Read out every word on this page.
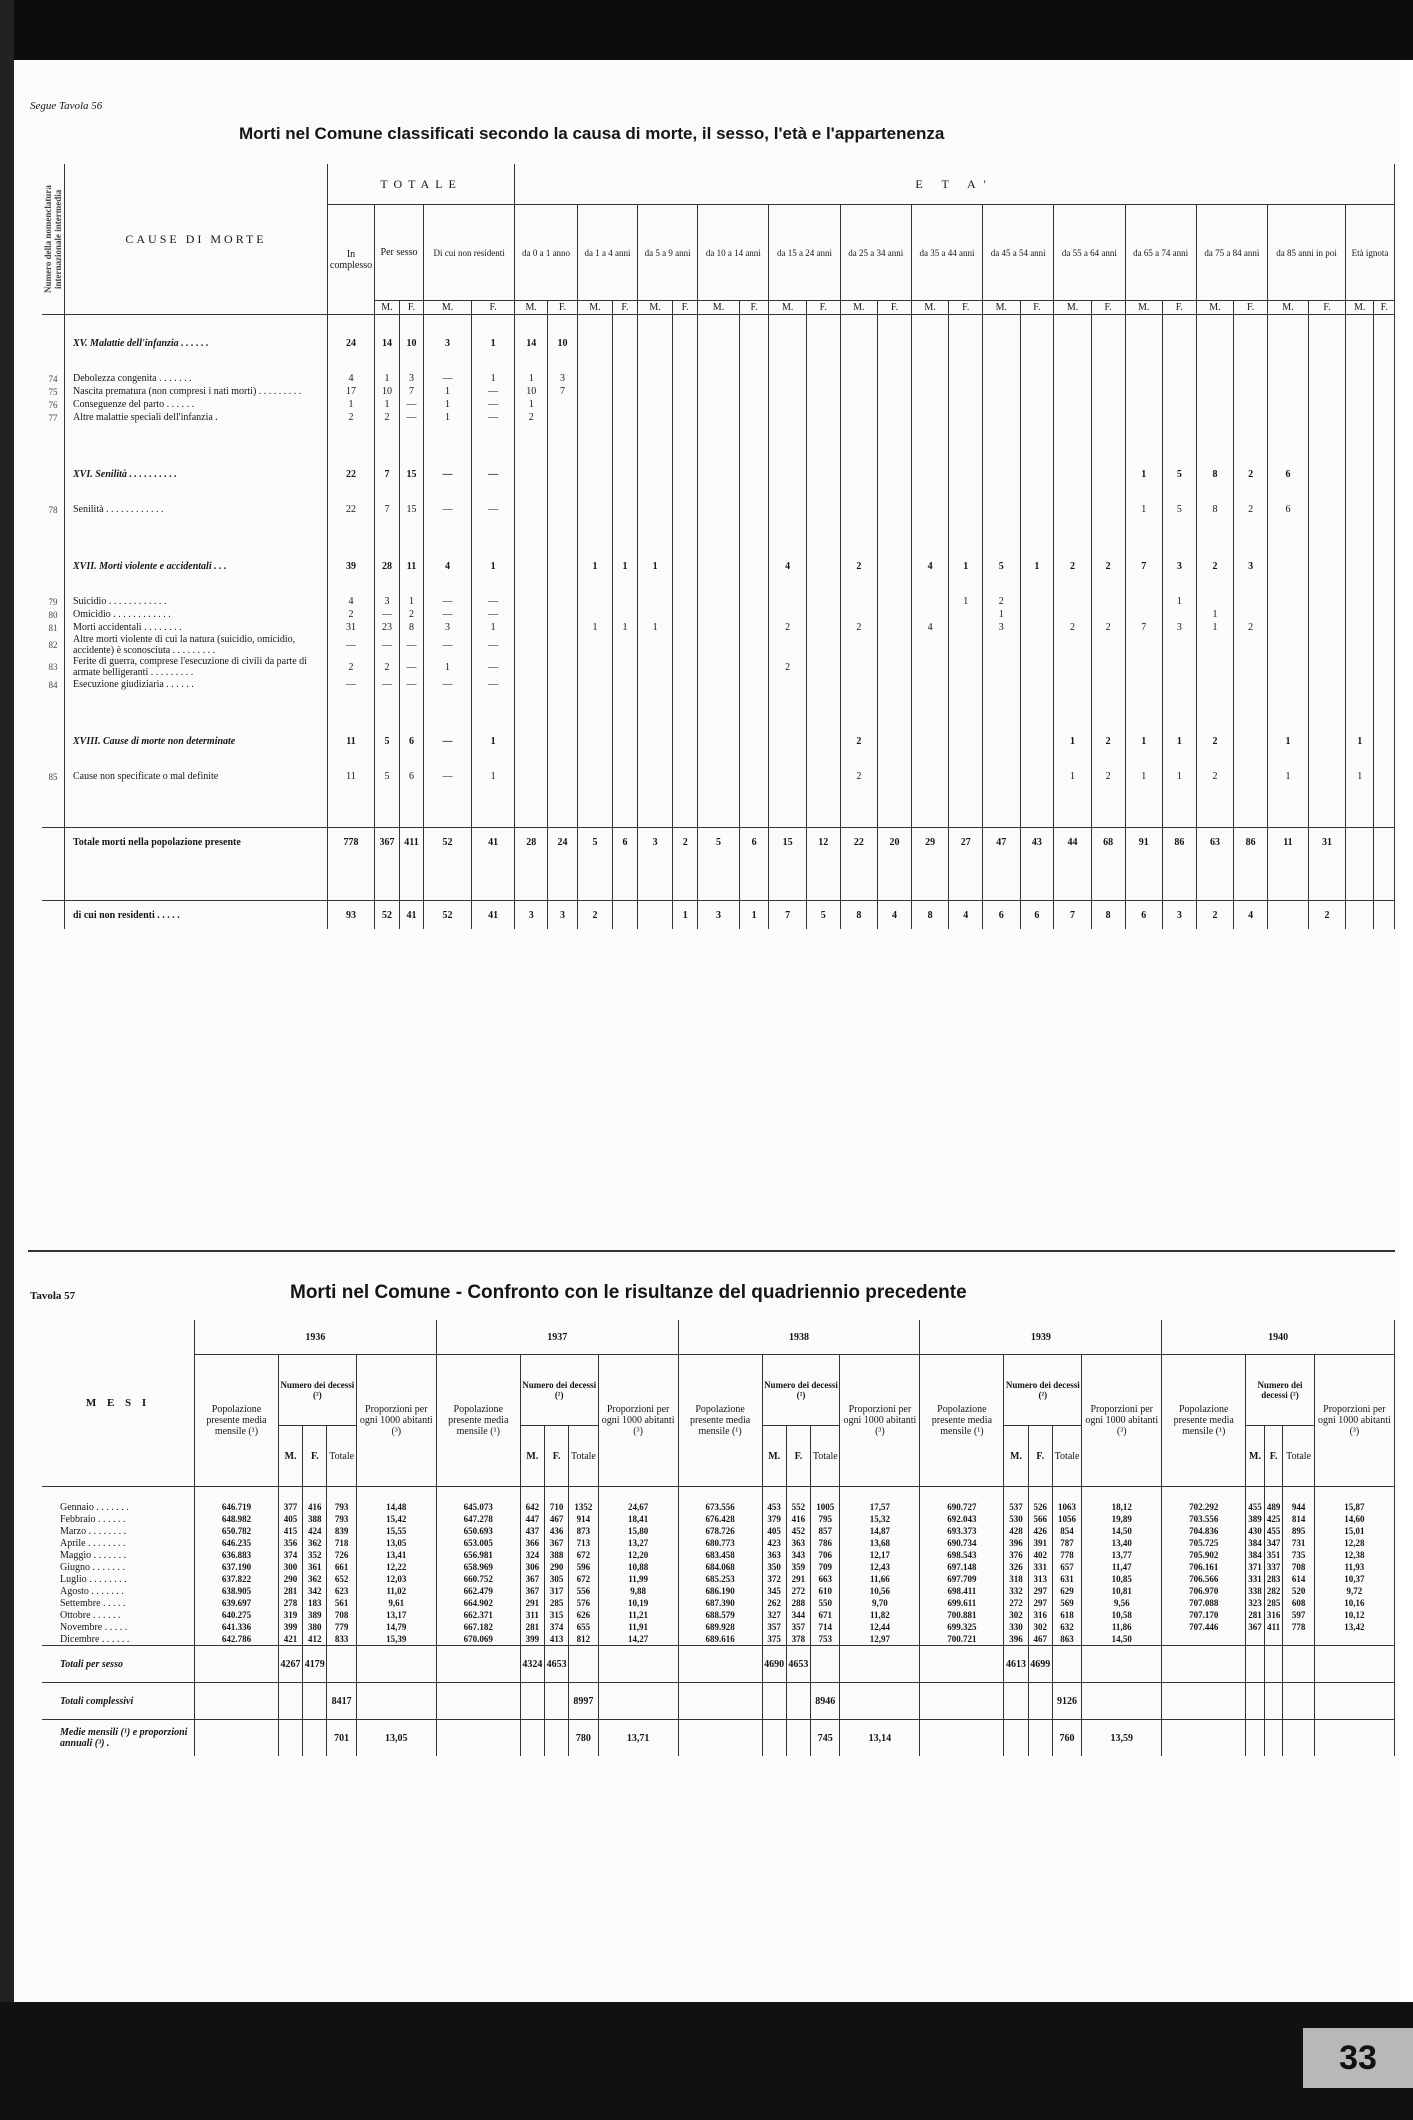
Segue Tavola 56
Morti nel Comune classificati secondo la causa di morte, il sesso, l'età e l'appartenenza
Numero della nomenclatura internazionale intermedia	CAUSE DI MORTE	TOTALE					E T A'																									
		In complesso	Per sesso		Di cui non residenti		da 0 a 1 anno		da 1 a 4 anni		da 5 a 9 anni		da 10 a 14 anni		da 15 a 24 anni		da 25 a 34 anni		da 35 a 44 anni		da 45 a 54 anni		da 55 a 64 anni		da 65 a 74 anni		da 75 a 84 anni		da 85 anni in poi		Età ignota	
			M.	F.	M.	F.	M.	F.	M.	F.	M.	F.	M.	F.	M.	F.	M.	F.	M.	F.	M.	F.	M.	F.	M.	F.	M.	F.	M.	F.	M.	F.

	XV. Malattie dell'infanzia . . . . . .	24	14	10	3	1	14	10																								

74	Debolezza congenita . . . . . . .	4	1	3	—	1	1	3																								
75	Nascita prematura (non compresi i nati morti) . . . . . . . . .	17	10	7	1	—	10	7																								
76	Conseguenze del parto . . . . . .	1	1	—	1	—	1																									
77	Altre malattie speciali dell'infanzia .	2	2	—	1	—	2																									

	XVI. Senilità . . . . . . . . . .	22	7	15	—	—																			1	5	8	2	6			

78	Senilità . . . . . . . . . . . .	22	7	15	—	—																			1	5	8	2	6			

	XVII. Morti violente e accidentali . . .	39	28	11	4	1			1	1	1				4		2		4	1	5	1	2	2	7	3	2	3				

79	Suicidio . . . . . . . . . . . .	4	3	1	—	—														1	2					1						
80	Omicidio . . . . . . . . . . . .	2	—	2	—	—															1						1					
81	Morti accidentali . . . . . . . .	31	23	8	3	1			1	1	1				2		2		4		3		2	2	7	3	1	2				
82	Altre morti violente di cui la natura (suicidio, omicidio, accidente) è sconosciuta . . . . . . . . .	—	—	—	—	—																										
83	Ferite di guerra, comprese l'esecuzione di civili da parte di armate belligeranti . . . . . . . . .	2	2	—	1	—									2																	
84	Esecuzione giudiziaria . . . . . .	—	—	—	—	—																										

	XVIII. Cause di morte non determinate	11	5	6	—	1											2						1	2	1	1	2		1		1	

85	Cause non specificate o mal definite	11	5	6	—	1											2						1	2	1	1	2		1		1	

	Totale morti nella popolazione presente	778	367	411	52	41	28	24	5	6	3	2	5	6	15	12	22	20	29	27	47	43	44	68	91	86	63	86	11	31		

	di cui non residenti . . . . .	93	52	41	52	41	3	3	2			1	3	1	7	5	8	4	8	4	6	6	7	8	6	3	2	4		2		
Tavola 57	Morti nel Comune - Confronto con le risultanze del quadriennio precedente
M E S I	1936					1937					1938					1939					1940				
	Popolazione presente media mensile (¹)	Numero dei decessi (²)			Proporzioni per ogni 1000 abitanti (³)	Popolazione presente media mensile (¹)	Numero dei decessi (²)			Proporzioni per ogni 1000 abitanti (³)	Popolazione presente media mensile (¹)	Numero dei decessi (²)			Proporzioni per ogni 1000 abitanti (³)	Popolazione presente media mensile (¹)	Numero dei decessi (²)			Proporzioni per ogni 1000 abitanti (³)	Popolazione presente media mensile (¹)	Numero dei decessi (²)			Proporzioni per ogni 1000 abitanti (³)
		M.	F.	Totale			M.	F.	Totale			M.	F.	Totale			M.	F.	Totale			M.	F.	Totale	

Gennaio . . . . . . .	646.719	377	416	793	14,48	645.073	642	710	1352	24,67	673.556	453	552	1005	17,57	690.727	537	526	1063	18,12	702.292	455	489	944	15,87
Febbraio . . . . . .	648.982	405	388	793	15,42	647.278	447	467	914	18,41	676.428	379	416	795	15,32	692.043	530	566	1056	19,89	703.556	389	425	814	14,60
Marzo . . . . . . . .	650.782	415	424	839	15,55	650.693	437	436	873	15,80	678.726	405	452	857	14,87	693.373	428	426	854	14,50	704.836	430	455	895	15,01
Aprile . . . . . . . .	646.235	356	362	718	13,05	653.005	366	367	713	13,27	680.773	423	363	786	13,68	690.734	396	391	787	13,40	705.725	384	347	731	12,28
Maggio . . . . . . .	636.883	374	352	726	13,41	656.981	324	388	672	12,20	683.458	363	343	706	12,17	698.543	376	402	778	13,77	705.902	384	351	735	12,38
Giugno . . . . . . .	637.190	300	361	661	12,22	658.969	306	290	596	10,88	684.068	350	359	709	12,43	697.148	326	331	657	11,47	706.161	371	337	708	11,93
Luglio . . . . . . . .	637.822	290	362	652	12,03	660.752	367	305	672	11,99	685.253	372	291	663	11,66	697.709	318	313	631	10,85	706.566	331	283	614	10,37
Agosto . . . . . . .	638.905	281	342	623	11,02	662.479	367	317	556	9,88	686.190	345	272	610	10,56	698.411	332	297	629	10,81	706.970	338	282	520	9,72
Settembre . . . . .	639.697	278	183	561	9,61	664.902	291	285	576	10,19	687.390	262	288	550	9,70	699.611	272	297	569	9,56	707.088	323	285	608	10,16
Ottobre . . . . . .	640.275	319	389	708	13,17	662.371	311	315	626	11,21	688.579	327	344	671	11,82	700.881	302	316	618	10,58	707.170	281	316	597	10,12
Novembre . . . . .	641.336	399	380	779	14,79	667.182	281	374	655	11,91	689.928	357	357	714	12,44	699.325	330	302	632	11,86	707.446	367	411	778	13,42
Dicembre . . . . . .	642.786	421	412	833	15,39	670.069	399	413	812	14,27	689.616	375	378	753	12,97	700.721	396	467	863	14,50					
Totali per sesso		4267	4179				4324	4653				4690	4653				4613	4699							
Totali complessivi				8417					8997					8946					9126						
Medie mensili (¹) e proporzioni annuali (³) .				701	13,05				780	13,71				745	13,14				760	13,59					
33
